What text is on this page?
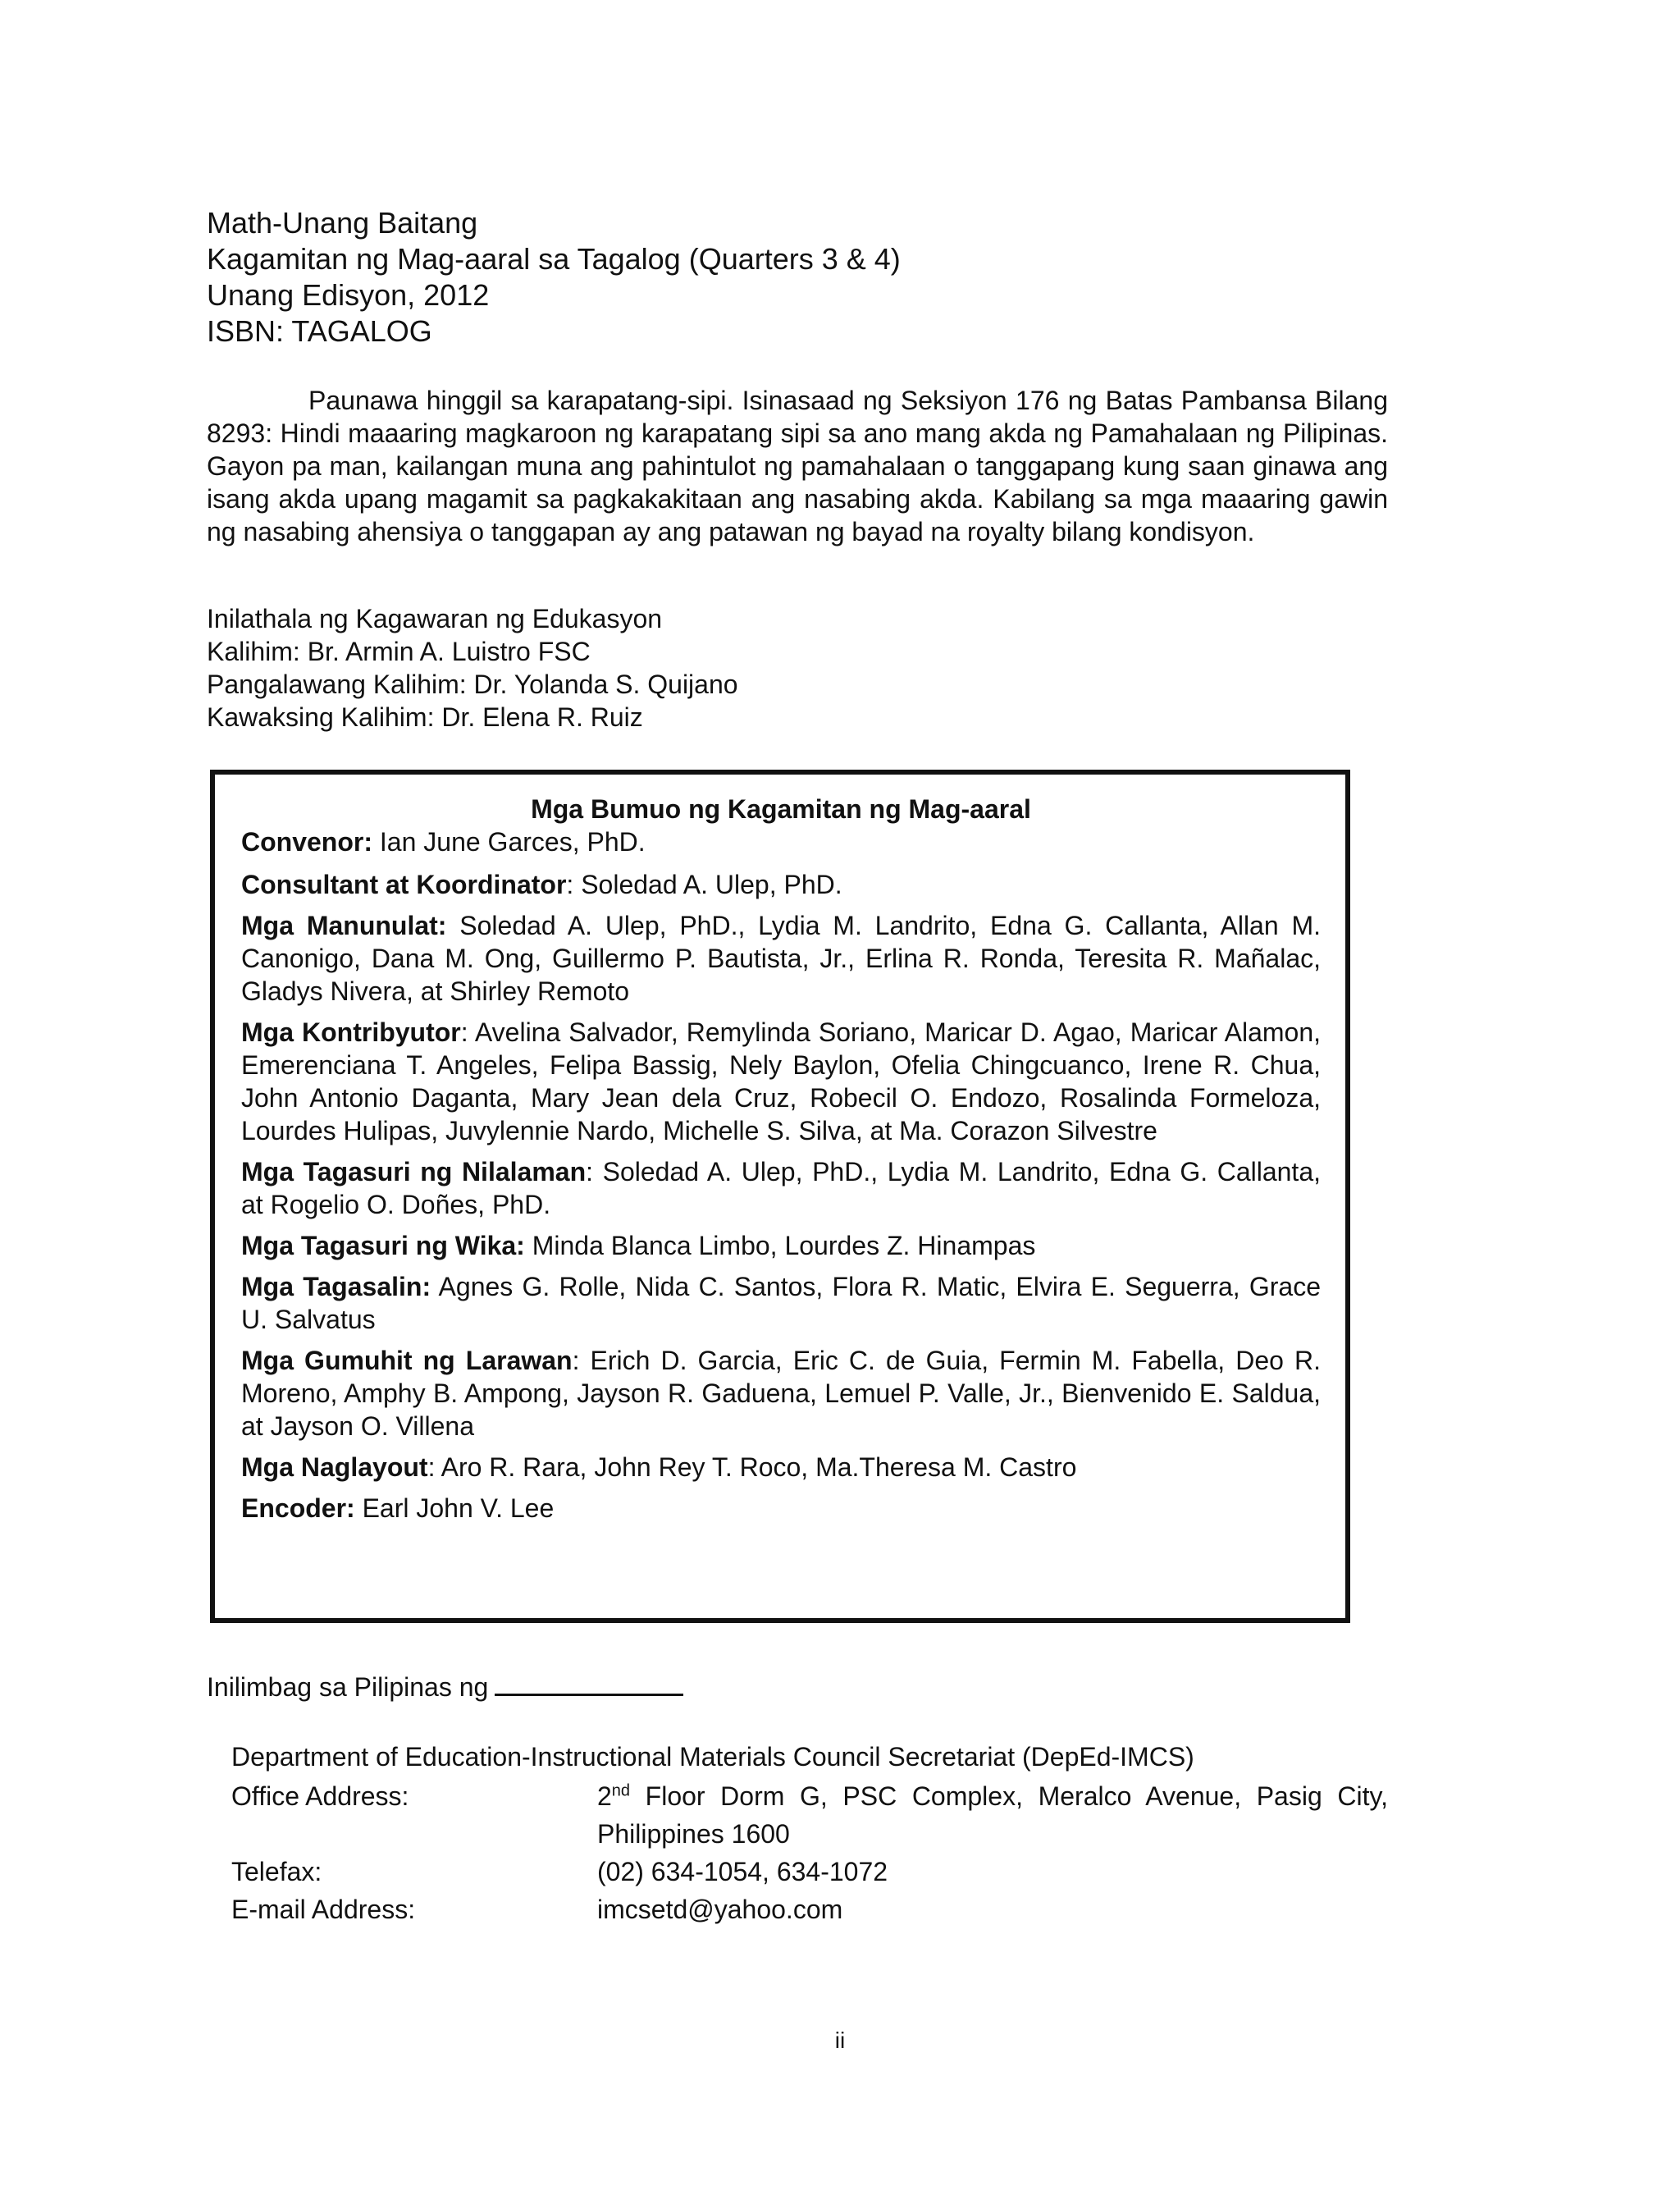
Math-Unang Baitang
Kagamitan ng Mag-aaral sa Tagalog (Quarters 3 & 4)
Unang Edisyon, 2012
ISBN: TAGALOG

Paunawa hinggil sa karapatang-sipi. Isinasaad ng Seksiyon 176 ng Batas Pambansa Bilang 8293: Hindi maaaring magkaroon ng karapatang sipi sa ano mang akda ng Pamahalaan ng Pilipinas. Gayon pa man, kailangan muna ang pahintulot ng pamahalaan o tanggapang kung saan ginawa ang isang akda upang magamit sa pagkakakitaan ang nasabing akda. Kabilang sa mga maaaring gawin ng nasabing ahensiya o tanggapan ay ang patawan ng bayad na royalty bilang kondisyon.

Inilathala ng Kagawaran ng Edukasyon
Kalihim: Br. Armin A. Luistro FSC
Pangalawang Kalihim: Dr. Yolanda S. Quijano
Kawaksing Kalihim: Dr. Elena R. Ruiz

Mga Bumuo ng Kagamitan ng Mag-aaral

Convenor: Ian June Garces, PhD.

Consultant at Koordinator: Soledad A. Ulep, PhD.

Mga Manunulat: Soledad A. Ulep, PhD., Lydia M. Landrito, Edna G. Callanta, Allan M. Canonigo, Dana M. Ong, Guillermo P. Bautista, Jr., Erlina R. Ronda, Teresita R. Mañalac, Gladys Nivera, at Shirley Remoto

Mga Kontribyutor: Avelina Salvador, Remylinda Soriano, Maricar D. Agao, Maricar Alamon, Emerenciana T. Angeles, Felipa Bassig, Nely Baylon, Ofelia Chingcuanco, Irene R. Chua, John Antonio Daganta, Mary Jean dela Cruz, Robecil O. Endozo, Rosalinda Formeloza, Lourdes Hulipas, Juvylennie Nardo, Michelle S. Silva, at Ma. Corazon Silvestre

Mga Tagasuri ng Nilalaman: Soledad A. Ulep, PhD., Lydia M. Landrito, Edna G. Callanta, at Rogelio O. Doñes, PhD.

Mga Tagasuri ng Wika: Minda Blanca Limbo, Lourdes Z. Hinampas

Mga Tagasalin: Agnes G. Rolle, Nida C. Santos, Flora R. Matic, Elvira E. Seguerra, Grace U. Salvatus

Mga Gumuhit ng Larawan: Erich D. Garcia, Eric C. de Guia, Fermin M. Fabella, Deo R. Moreno, Amphy B. Ampong, Jayson R. Gaduena, Lemuel P. Valle, Jr., Bienvenido E. Saldua, at Jayson O. Villena

Mga Naglayout: Aro R. Rara, John Rey T. Roco, Ma.Theresa M. Castro

Encoder: Earl John V. Lee

Inilimbag sa Pilipinas ng
Department of Education-Instructional Materials Council Secretariat (DepEd-IMCS)
Office Address:	2nd Floor Dorm G, PSC Complex, Meralco Avenue, Pasig City, Philippines 1600
Telefax:	(02) 634-1054, 634-1072
E-mail Address:	imcsetd@yahoo.com
ii
